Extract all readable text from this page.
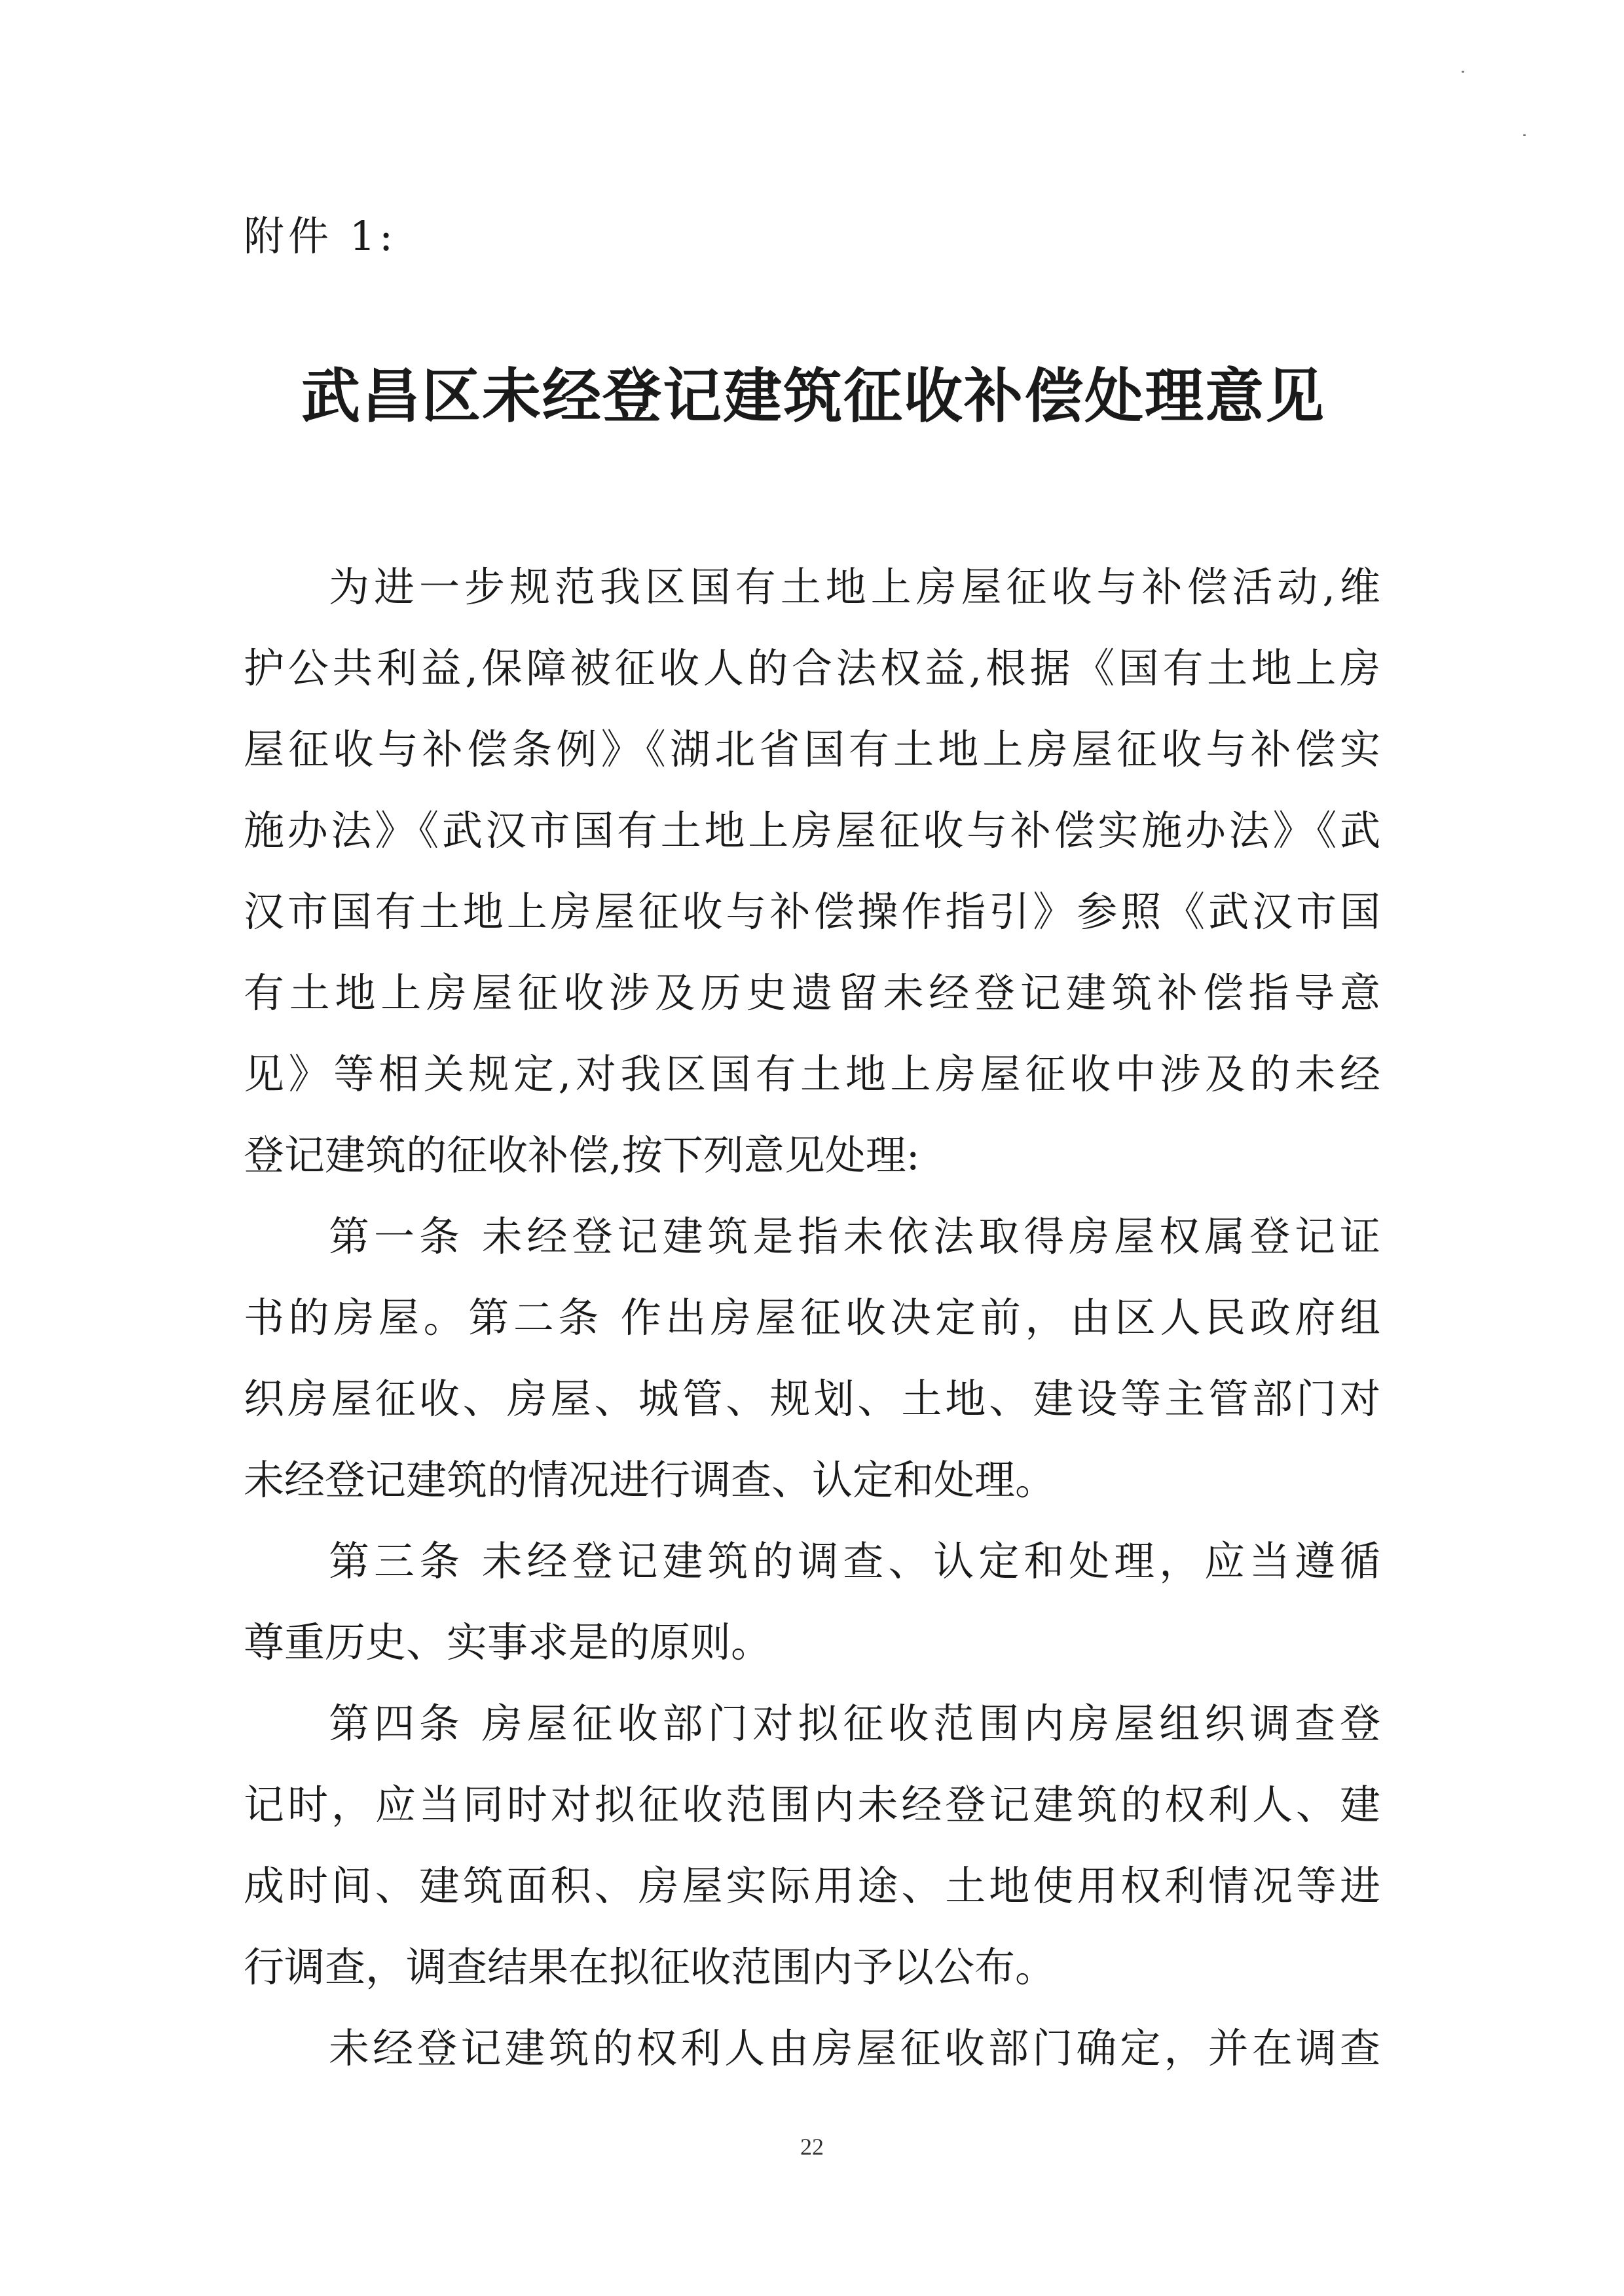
附件 1:
武昌区未经登记建筑征收补偿处理意见
为进一步规范我区国有土地上房屋征收与补偿活动,维
护公共利益,保障被征收人的合法权益,根据《国有土地上房
屋征收与补偿条例》《湖北省国有土地上房屋征收与补偿实
施办法》《武汉市国有土地上房屋征收与补偿实施办法》《武
汉市国有土地上房屋征收与补偿操作指引》参照《武汉市国
有土地上房屋征收涉及历史遗留未经登记建筑补偿指导意
见》等相关规定,对我区国有土地上房屋征收中涉及的未经
登记建筑的征收补偿,按下列意见处理:
第一条 未经登记建筑是指未依法取得房屋权属登记证
书的房屋。第二条 作出房屋征收决定前，由区人民政府组
织房屋征收、房屋、城管、规划、土地、建设等主管部门对
未经登记建筑的情况进行调查、认定和处理。
第三条 未经登记建筑的调查、认定和处理，应当遵循
尊重历史、实事求是的原则。
第四条 房屋征收部门对拟征收范围内房屋组织调查登
记时，应当同时对拟征收范围内未经登记建筑的权利人、建
成时间、建筑面积、房屋实际用途、土地使用权利情况等进
行调查，调查结果在拟征收范围内予以公布。
未经登记建筑的权利人由房屋征收部门确定，并在调查
22
